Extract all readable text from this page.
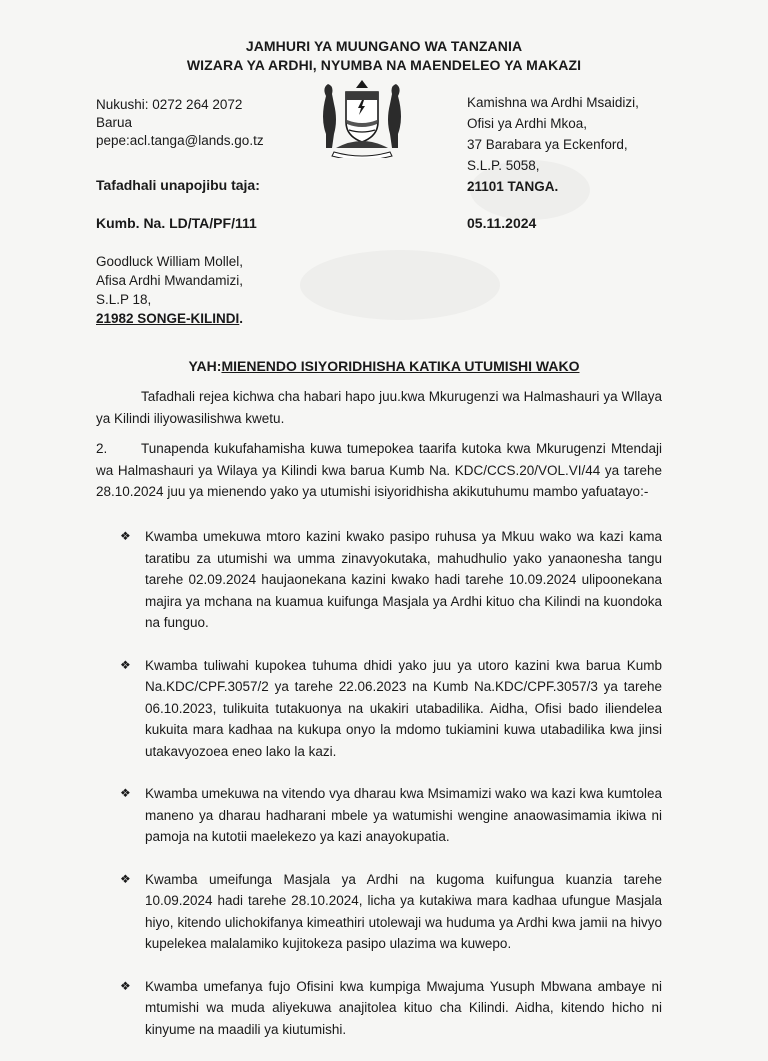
JAMHURI YA MUUNGANO WA TANZANIA
WIZARA YA ARDHI, NYUMBA NA MAENDELEO YA MAKAZI
Nukushi: 0272 264 2072
Barua
pepe:acl.tanga@lands.go.tz
Kamishna wa Ardhi Msaidizi,
Ofisi ya Ardhi Mkoa,
37 Barabara ya Eckenford,
S.L.P. 5058,
21101 TANGA.
Tafadhali unapojibu taja:
Kumb. Na. LD/TA/PF/111	05.11.2024
Goodluck William Mollel,
Afisa Ardhi Mwandamizi,
S.L.P 18,
21982 SONGE-KILINDI.
YAH:MIENENDO ISIYORIDHISHA KATIKA UTUMISHI WAKO
Tafadhali rejea kichwa cha habari hapo juu.kwa Mkurugenzi wa Halmashauri ya Wllaya ya Kilindi iliyowasilishwa kwetu.
2. Tunapenda kukufahamisha kuwa tumepokea taarifa kutoka kwa Mkurugenzi Mtendaji wa Halmashauri ya Wilaya ya Kilindi kwa barua Kumb Na. KDC/CCS.20/VOL.VI/44 ya tarehe 28.10.2024 juu ya mienendo yako ya utumishi isiyoridhisha akikutuhumu mambo yafuatayo:-
❖ Kwamba umekuwa mtoro kazini kwako pasipo ruhusa ya Mkuu wako wa kazi kama taratibu za utumishi wa umma zinavyokutaka, mahudhulio yako yanaonesha tangu tarehe 02.09.2024 haujaonekana kazini kwako hadi tarehe 10.09.2024 ulipoonekana majira ya mchana na kuamua kuifunga Masjala ya Ardhi kituo cha Kilindi na kuondoka na funguo.
❖ Kwamba tuliwahi kupokea tuhuma dhidi yako juu ya utoro kazini kwa barua Kumb Na.KDC/CPF.3057/2 ya tarehe 22.06.2023 na Kumb Na.KDC/CPF.3057/3 ya tarehe 06.10.2023, tulikuita tutakuonya na ukakiri utabadilika. Aidha, Ofisi bado iliendelea kukuita mara kadhaa na kukupa onyo la mdomo tukiamini kuwa utabadilika kwa jinsi utakavyozoea eneo lako la kazi.
❖ Kwamba umekuwa na vitendo vya dharau kwa Msimamizi wako wa kazi kwa kumtolea maneno ya dharau hadharani mbele ya watumishi wengine anaowasimamia ikiwa ni pamoja na kutotii maelekezo ya kazi anayokupatia.
❖ Kwamba umeifunga Masjala ya Ardhi na kugoma kuifungua kuanzia tarehe 10.09.2024 hadi tarehe 28.10.2024, licha ya kutakiwa mara kadhaa ufungue Masjala hiyo, kitendo ulichokifanya kimeathiri utolewaji wa huduma ya Ardhi kwa jamii na hivyo kupelekea malalamiko kujitokeza pasipo ulazima wa kuwepo.
❖ Kwamba umefanya fujo Ofisini kwa kumpiga Mwajuma Yusuph Mbwana ambaye ni mtumishi wa muda aliyekuwa anajitolea kituo cha Kilindi. Aidha, kitendo hicho ni kinyume na maadili ya kiutumishi.
